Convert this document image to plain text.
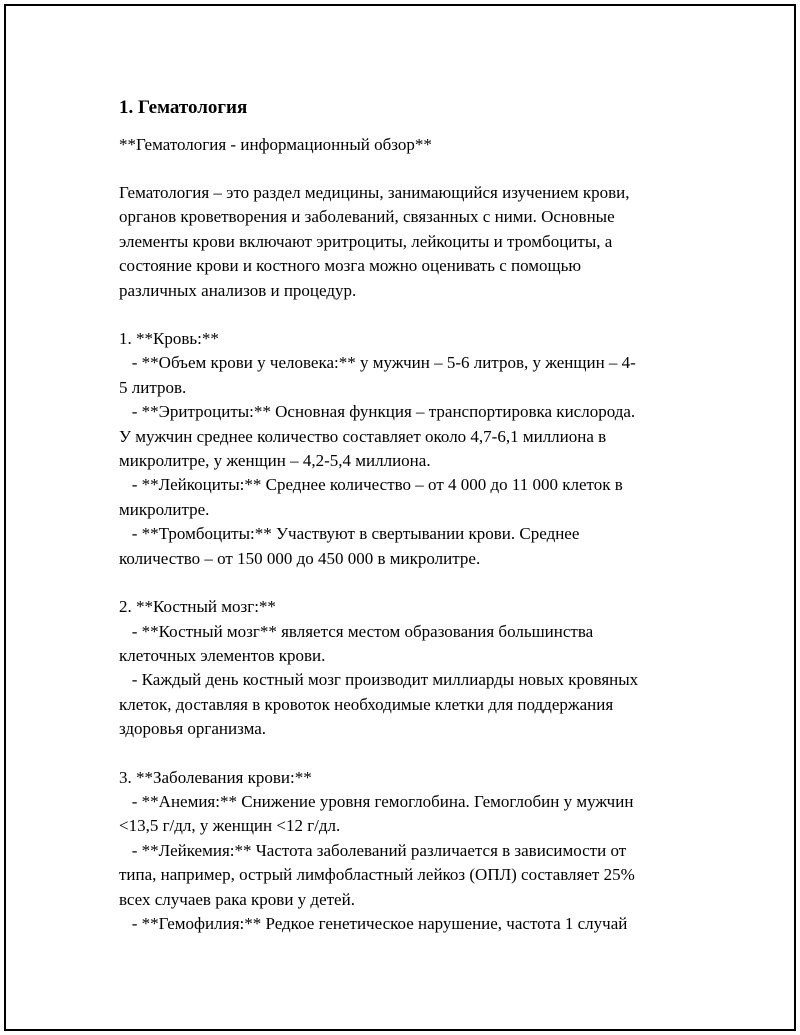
1. Гематология

**Гематология - информационный обзор**

Гематология – это раздел медицины, занимающийся изучением крови,
органов кроветворения и заболеваний, связанных с ними. Основные
элементы крови включают эритроциты, лейкоциты и тромбоциты, а
состояние крови и костного мозга можно оценивать с помощью
различных анализов и процедур.
1. **Кровь:**
- **Объем крови у человека:** у мужчин – 5-6 литров, у женщин – 4-
5 литров.
- **Эритроциты:** Основная функция – транспортировка кислорода.
У мужчин среднее количество составляет около 4,7-6,1 миллиона в
микролитре, у женщин – 4,2-5,4 миллиона.
- **Лейкоциты:** Среднее количество – от 4 000 до 11 000 клеток в
микролитре.
- **Тромбоциты:** Участвуют в свертывании крови. Среднее
количество – от 150 000 до 450 000 в микролитре.
2. **Костный мозг:**
- **Костный мозг** является местом образования большинства
клеточных элементов крови.
- Каждый день костный мозг производит миллиарды новых кровяных
клеток, доставляя в кровоток необходимые клетки для поддержания
здоровья организма.
3. **Заболевания крови:**
- **Анемия:** Снижение уровня гемоглобина. Гемоглобин у мужчин
<13,5 г/дл, у женщин <12 г/дл.
- **Лейкемия:** Частота заболеваний различается в зависимости от
типа, например, острый лимфобластный лейкоз (ОПЛ) составляет 25%
всех случаев рака крови у детей.
- **Гемофилия:** Редкое генетическое нарушение, частота 1 случай
